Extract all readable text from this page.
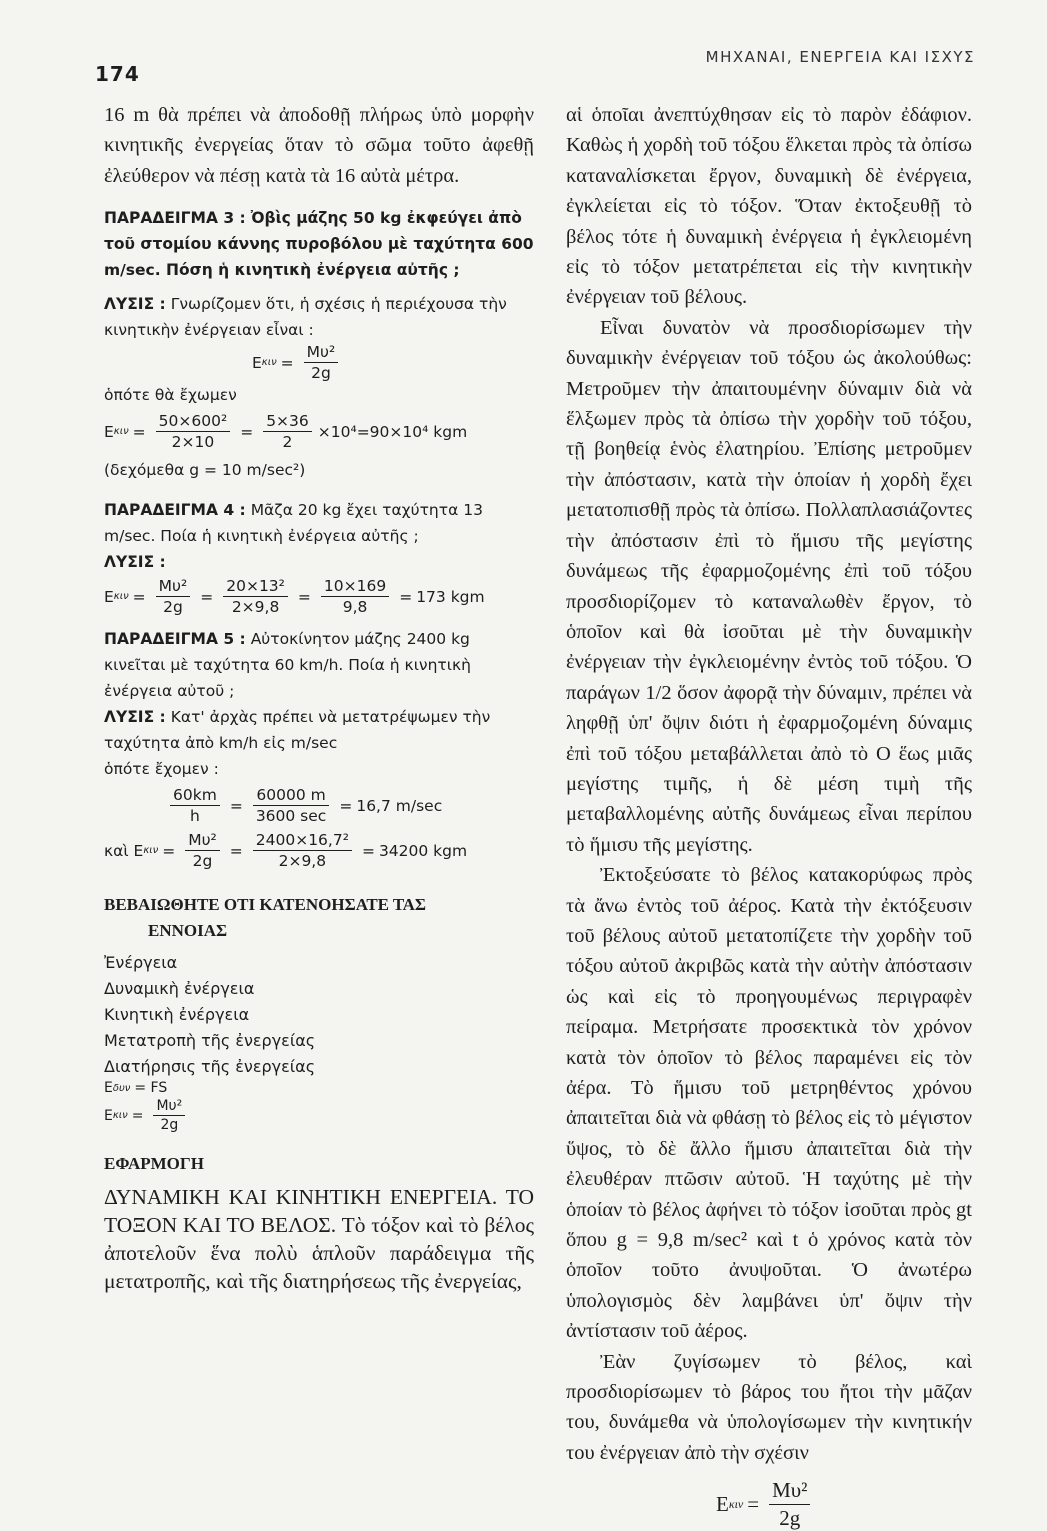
174
ΜΗΧΑΝΑΙ, ΕΝΕΡΓΕΙΑ ΚΑΙ ΙΣΧΥΣ

16 m θὰ πρέπει νὰ ἀποδοθῇ πλήρως ὑπὸ μορφὴν κινητικῆς ἐνεργείας ὅταν τὸ σῶμα τοῦτο ἀφεθῇ ἐλεύθερον νὰ πέσῃ κατὰ τὰ 16 αὐτὰ μέτρα.

ΠΑΡΑΔΕΙΓΜΑ 3 : Ὀβὶς μάζης 50 kg ἐκφεύγει ἀπὸ τοῦ στομίου κάννης πυροβόλου μὲ ταχύτητα 600 m/sec. Πόση ἡ κινητικὴ ἐνέργεια αὐτῆς ;

ΛΥΣΙΣ : Γνωρίζομεν ὅτι, ἡ σχέσις ἡ περιέχουσα τὴν κινητικὴν ἐνέργειαν εἶναι :

E $\kappa\iota\nu = \frac{\text{Mυ²}}{2g}$

ὁπότε θὰ ἔχωμεν

E $\kappa\iota\nu = \frac{\text{50×600²}}{2\times 10} = \frac{5\times 36}{2} \times 10^4=90\times 10^4$ kgm

(δεχόμεθα g = 10 m/sec²)

ΠΑΡΑΔΕΙΓΜΑ 4 : Μᾶζα 20 kg ἔχει ταχύτητα 13 m/sec. Ποία ἡ κινητικὴ ἐνέργεια αὐτῆς ;

ΛΥΣΙΣ :

E $\kappa\iota\nu = \frac{\text{Mυ²}}{2g} = \frac{\text{20×13²}}{2\times 9,8} = \frac{10\times 169}{9,8} = 173$ kgm

ΠΑΡΑΔΕΙΓΜΑ 5 : Αὐτοκίνητον μάζης 2400 kg κινεῖται μὲ ταχύτητα 60 km/h. Ποία ἡ κινητικὴ ἐνέργεια αὐτοῦ ;

ΛΥΣΙΣ : Κατ' ἀρχὰς πρέπει νὰ μετατρέψωμεν τὴν ταχύτητα ἀπὸ km/h εἰς m/sec

ὁπότε ἔχομεν :

$\frac{60km}{h} = \frac{60000 m}{3600 \sec} = 16,7$ m/sec
καὶ E $\kappa\iota\nu = \frac{\text{Mυ²}}{2g} = \frac{\text{2400×16,7²}}{2\times 9,8} = 34200$ kgm

ΒΕΒΑΙΩΘΗΤΕ ΟΤΙ ΚΑΤΕΝΟΗΣΑΤΕ ΤΑΣ

ΕΝΝΟΙΑΣ

Ἐνέργεια

Δυναμικὴ ἐνέργεια

Κινητικὴ ἐνέργεια

Μετατροπὴ τῆς ἐνεργείας

Διατήρησις τῆς ἐνεργείας

E δυν = FS
E $\kappa\iota\nu = \frac{\text{Mυ²}}{2g}$

ΕΦΑΡΜΟΓΗ

ΔΥΝΑΜΙΚΗ ΚΑΙ ΚΙΝΗΤΙΚΗ ΕΝΕΡΓΕΙΑ. ΤΟ ΤΟΞΟΝ ΚΑΙ ΤΟ ΒΕΛΟΣ. Τὸ τόξον καὶ τὸ βέλος ἀποτελοῦν ἕνα πολὺ ἁπλοῦν παράδειγμα τῆς μετατροπῆς, καὶ τῆς διατηρήσεως τῆς ἐνεργείας,

αἱ ὁποῖαι ἀνεπτύχθησαν εἰς τὸ παρὸν ἐδάφιον. Καθὼς ἡ χορδὴ τοῦ τόξου ἕλκεται πρὸς τὰ ὀπίσω καταναλίσκεται ἔργον, δυναμικὴ δὲ ἐνέργεια, ἐγκλείεται εἰς τὸ τόξον. Ὅταν ἐκτοξευθῇ τὸ βέλος τότε ἡ δυναμικὴ ἐνέργεια ἡ ἐγκλειομένη εἰς τὸ τόξον μετατρέπεται εἰς τὴν κινητικὴν ἐνέργειαν τοῦ βέλους.

Εἶναι δυνατὸν νὰ προσδιορίσωμεν τὴν δυναμικὴν ἐνέργειαν τοῦ τόξου ὡς ἀκολούθως: Μετροῦμεν τὴν ἀπαιτουμένην δύναμιν διὰ νὰ ἕλξωμεν πρὸς τὰ ὀπίσω τὴν χορδὴν τοῦ τόξου, τῇ βοηθείᾳ ἑνὸς ἐλατηρίου. Ἐπίσης μετροῦμεν τὴν ἀπόστασιν, κατὰ τὴν ὁποίαν ἡ χορδὴ ἔχει μετατοπισθῇ πρὸς τὰ ὀπίσω. Πολλαπλασιάζοντες τὴν ἀπόστασιν ἐπὶ τὸ ἥμισυ τῆς μεγίστης δυνάμεως τῆς ἐφαρμοζομένης ἐπὶ τοῦ τόξου προσδιορίζομεν τὸ καταναλωθὲν ἔργον, τὸ ὁποῖον καὶ θὰ ἰσοῦται μὲ τὴν δυναμικὴν ἐνέργειαν τὴν ἐγκλειομένην ἐντὸς τοῦ τόξου. Ὁ παράγων 1/2 ὅσον ἀφορᾷ τὴν δύναμιν, πρέπει νὰ ληφθῇ ὑπ' ὄψιν διότι ἡ ἐφαρμοζομένη δύναμις ἐπὶ τοῦ τόξου μεταβάλλεται ἀπὸ τὸ Ο ἕως μιᾶς μεγίστης τιμῆς, ἡ δὲ μέση τιμὴ τῆς μεταβαλλομένης αὐτῆς δυνάμεως εἶναι περίπου τὸ ἥμισυ τῆς μεγίστης.

Ἐκτοξεύσατε τὸ βέλος κατακορύφως πρὸς τὰ ἄνω ἐντὸς τοῦ ἀέρος. Κατὰ τὴν ἐκτόξευσιν τοῦ βέλους αὐτοῦ μετατοπίζετε τὴν χορδὴν τοῦ τόξου αὐτοῦ ἀκριβῶς κατὰ τὴν αὐτὴν ἀπόστασιν ὡς καὶ εἰς τὸ προηγουμένως περιγραφὲν πείραμα. Μετρήσατε προσεκτικὰ τὸν χρόνον κατὰ τὸν ὁποῖον τὸ βέλος παραμένει εἰς τὸν ἀέρα. Τὸ ἥμισυ τοῦ μετρηθέντος χρόνου ἀπαιτεῖται διὰ νὰ φθάσῃ τὸ βέλος εἰς τὸ μέγιστον ὕψος, τὸ δὲ ἄλλο ἥμισυ ἀπαιτεῖται διὰ τὴν ἐλευθέραν πτῶσιν αὐτοῦ. Ἡ ταχύτης μὲ τὴν ὁποίαν τὸ βέλος ἀφήνει τὸ τόξον ἰσοῦται πρὸς gt ὅπου g = 9,8 m/sec² καὶ t ὁ χρόνος κατὰ τὸν ὁποῖον τοῦτο ἀνυψοῦται. Ὁ ἀνωτέρω ὑπολογισμὸς δὲν λαμβάνει ὑπ' ὄψιν τὴν ἀντίστασιν τοῦ ἀέρος.

Ἐὰν ζυγίσωμεν τὸ βέλος, καὶ προσδιορίσωμεν τὸ βάρος του ἤτοι τὴν μᾶζαν του, δυνάμεθα νὰ ὑπολογίσωμεν τὴν κινητικήν του ἐνέργειαν ἀπὸ τὴν σχέσιν

E $\kappa\iota\nu = \frac{\text{Mυ²}}{2g}$
